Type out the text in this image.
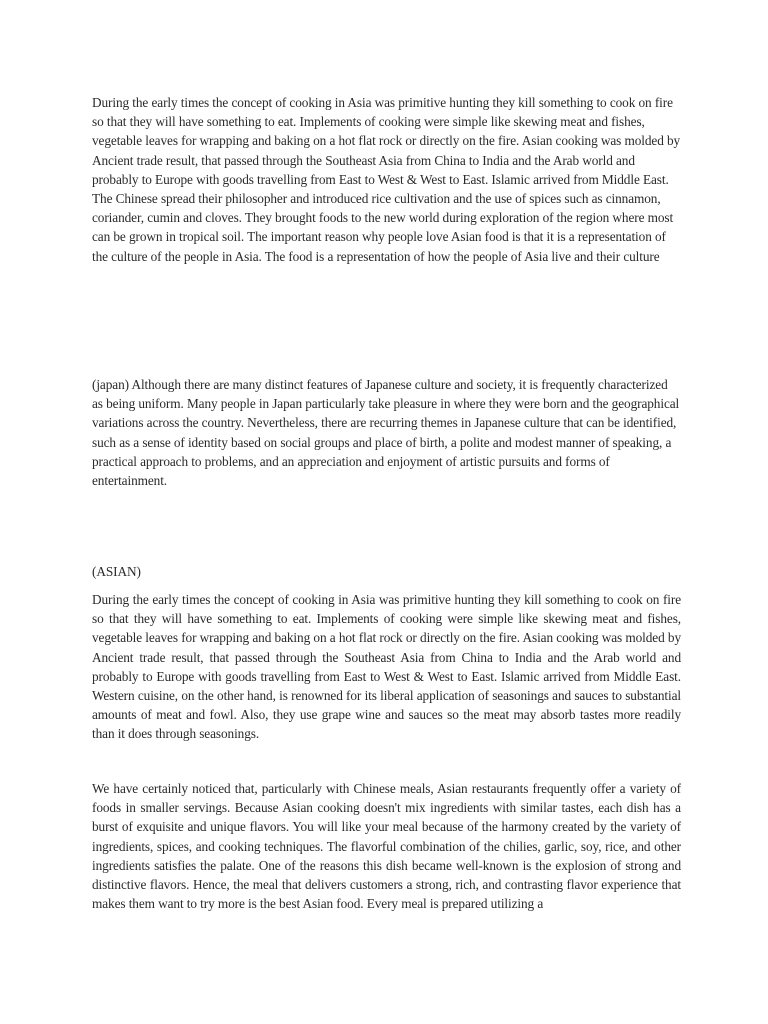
During the early times the concept of cooking in Asia was primitive hunting they kill something to cook on fire so that they will have something to eat. Implements of cooking were simple like skewing meat and fishes, vegetable leaves for wrapping and baking on a hot flat rock or directly on the fire. Asian cooking was molded by Ancient trade result, that passed through the Southeast Asia from China to India and the Arab world and probably to Europe with goods travelling from East to West & West to East. Islamic arrived from Middle East. The Chinese spread their philosopher and introduced rice cultivation and the use of spices such as cinnamon, coriander, cumin and cloves. They brought foods to the new world during exploration of the region where most can be grown in tropical soil. The important reason why people love Asian food is that it is a representation of the culture of the people in Asia. The food is a representation of how the people of Asia live and their culture

(japan) Although there are many distinct features of Japanese culture and society, it is frequently characterized as being uniform. Many people in Japan particularly take pleasure in where they were born and the geographical variations across the country. Nevertheless, there are recurring themes in Japanese culture that can be identified, such as a sense of identity based on social groups and place of birth, a polite and modest manner of speaking, a practical approach to problems, and an appreciation and enjoyment of artistic pursuits and forms of entertainment.

(ASIAN)

During the early times the concept of cooking in Asia was primitive hunting they kill something to cook on fire so that they will have something to eat. Implements of cooking were simple like skewing meat and fishes, vegetable leaves for wrapping and baking on a hot flat rock or directly on the fire. Asian cooking was molded by Ancient trade result, that passed through the Southeast Asia from China to India and the Arab world and probably to Europe with goods travelling from East to West & West to East. Islamic arrived from Middle East. Western cuisine, on the other hand, is renowned for its liberal application of seasonings and sauces to substantial amounts of meat and fowl. Also, they use grape wine and sauces so the meat may absorb tastes more readily than it does through seasonings.

We have certainly noticed that, particularly with Chinese meals, Asian restaurants frequently offer a variety of foods in smaller servings. Because Asian cooking doesn't mix ingredients with similar tastes, each dish has a burst of exquisite and unique flavors. You will like your meal because of the harmony created by the variety of ingredients, spices, and cooking techniques. The flavorful combination of the chilies, garlic, soy, rice, and other ingredients satisfies the palate. One of the reasons this dish became well-known is the explosion of strong and distinctive flavors. Hence, the meal that delivers customers a strong, rich, and contrasting flavor experience that makes them want to try more is the best Asian food. Every meal is prepared utilizing a
